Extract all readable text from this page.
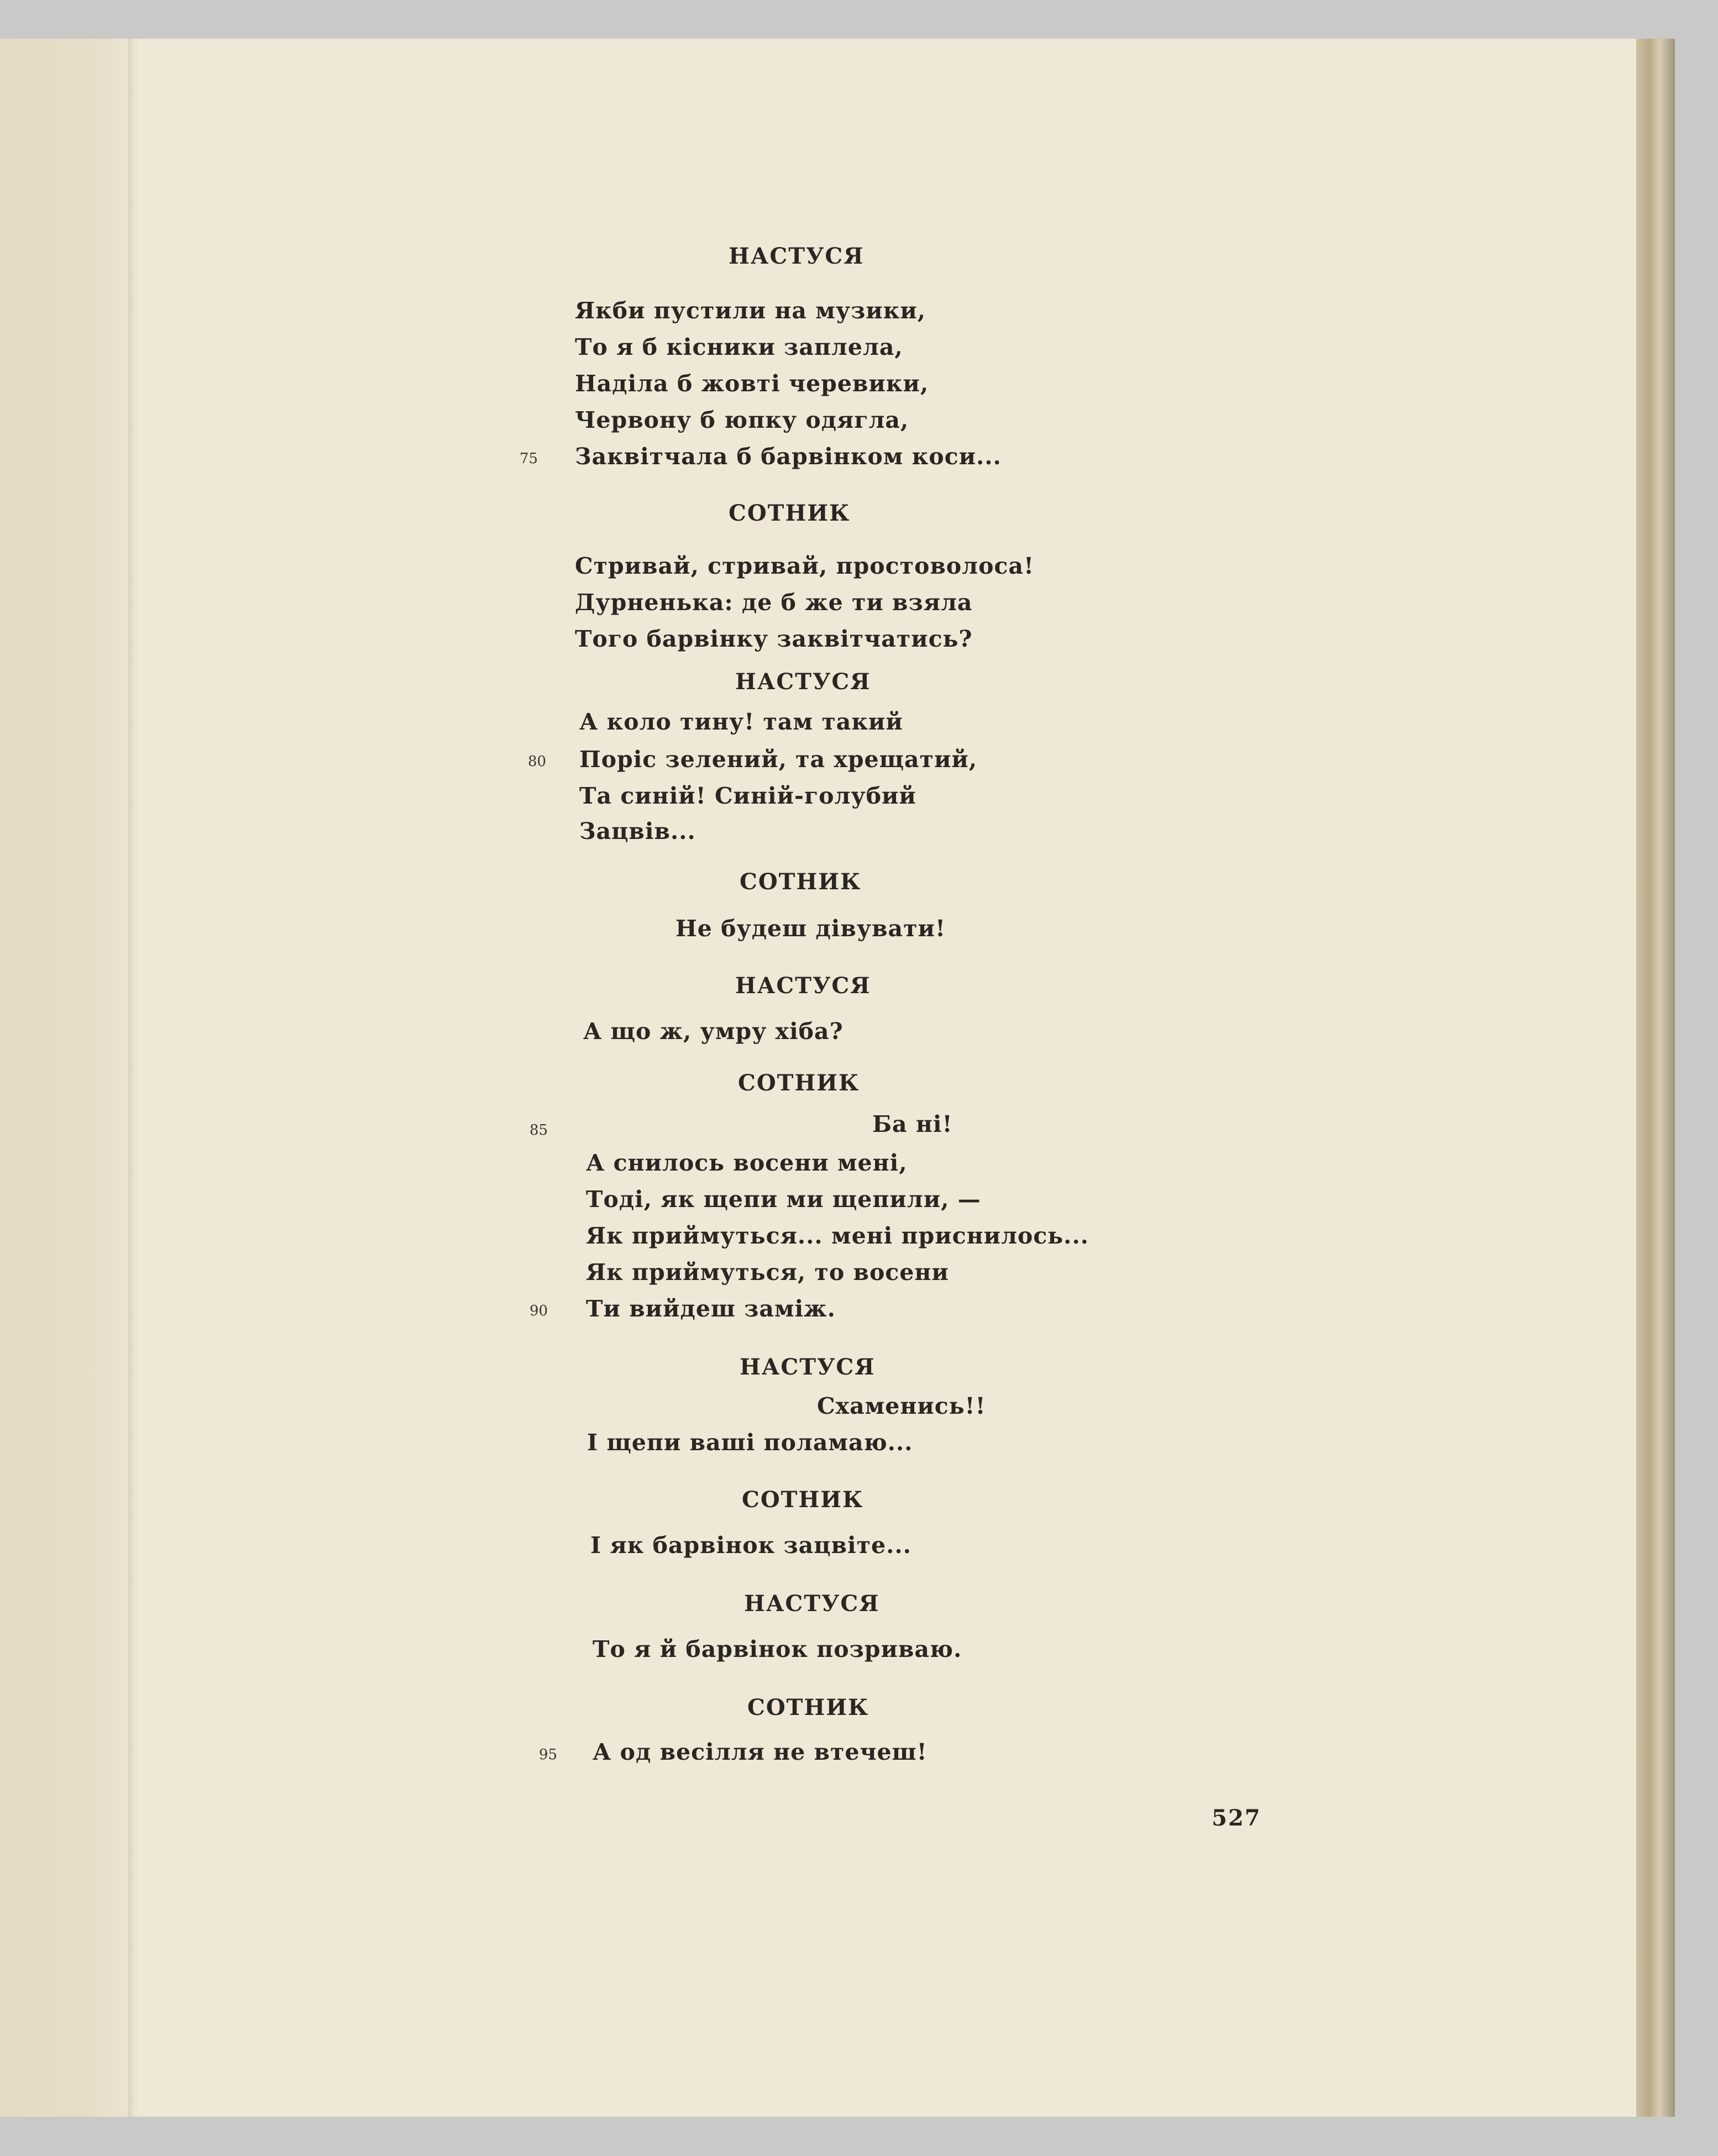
НАСТУСЯ
Якби пустили на музики,
То я б кісники заплела,
Наділа б жовті черевики,
Червону б юпку одягла,
75 Заквітчала б барвінком коси...
СОТНИК
Стривай, стривай, простоволоса!
Дурненька: де б же ти взяла
Того барвінку заквітчатись?
НАСТУСЯ
А коло тину! там такий
80 Поріс зелений, та хрещатий,
Та синій! Синій-голубий
Зацвів...
СОТНИК
Не будеш дівувати!
НАСТУСЯ
А що ж, умру хіба?
СОТНИК
85	Ба ні!
А снилось восени мені,
Тоді, як щепи ми щепили, —
Як приймуться... мені приснилось...
Як приймуться, то восени
90 Ти вийдеш заміж.
НАСТУСЯ
Схаменись!!
І щепи ваші поламаю...
СОТНИК
І як барвінок зацвіте...
НАСТУСЯ
То я й барвінок позриваю.
СОТНИК
95 А од весілля не втечеш!
527
